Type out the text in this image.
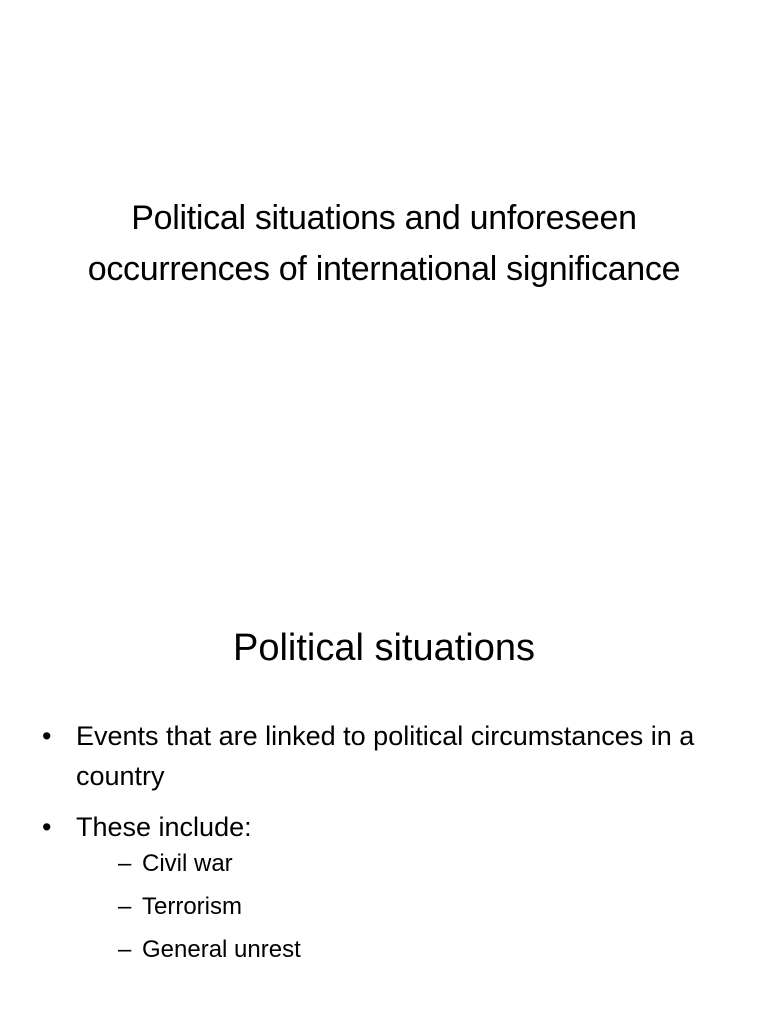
Political situations and unforeseen occurrences of international significance
Political situations
• Events that are linked to political circumstances in a country
• These include:
– Civil war
– Terrorism
– General unrest
